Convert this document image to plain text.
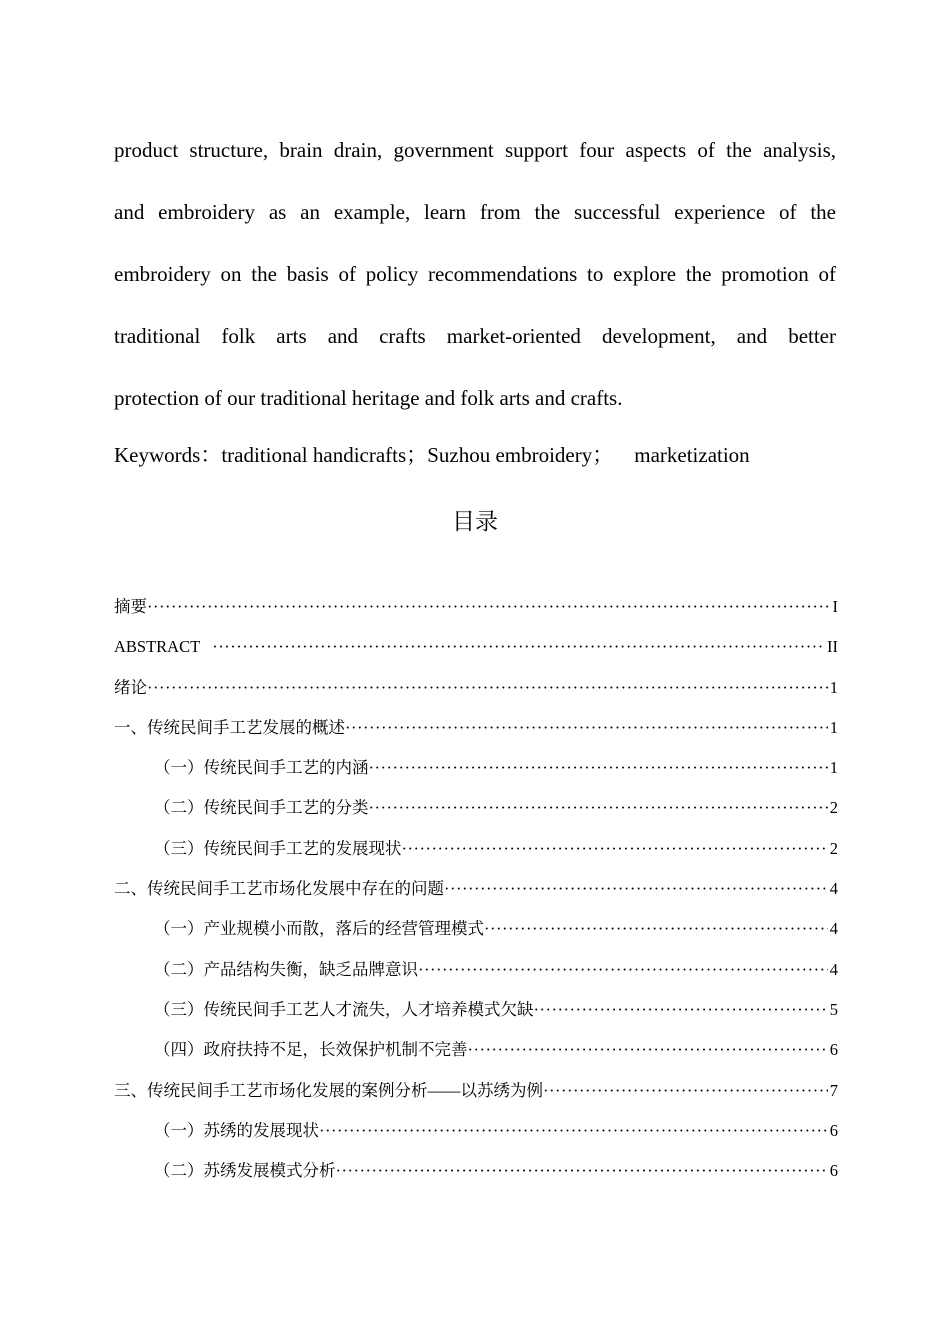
product structure, brain drain, government support four aspects of the analysis,
and embroidery as an example, learn from the successful experience of the
embroidery on the basis of policy recommendations to explore the promotion of
traditional folk arts and crafts market-oriented development, and better
protection of our traditional heritage and folk arts and crafts.
Keywords：traditional handicrafts；Suzhou embroidery； marketization
目录
摘要 ·····	I
ABSTRACT ·····	II
绪论 ·····	1
一、传统民间手工艺发展的概述 ·····	1
（一）传统民间手工艺的内涵 ·····	1
（二）传统民间手工艺的分类 ·····	2
（三）传统民间手工艺的发展现状 ·····	2
二、传统民间手工艺市场化发展中存在的问题 ·····	4
（一）产业规模小而散，落后的经营管理模式 ·····	4
（二）产品结构失衡，缺乏品牌意识 ·····	4
（三）传统民间手工艺人才流失，人才培养模式欠缺 ·····	5
（四）政府扶持不足，长效保护机制不完善 ·····	6
三、传统民间手工艺市场化发展的案例分析——以苏绣为例 ·····	7
（一）苏绣的发展现状 ·····	6
（二）苏绣发展模式分析 ·····	6
